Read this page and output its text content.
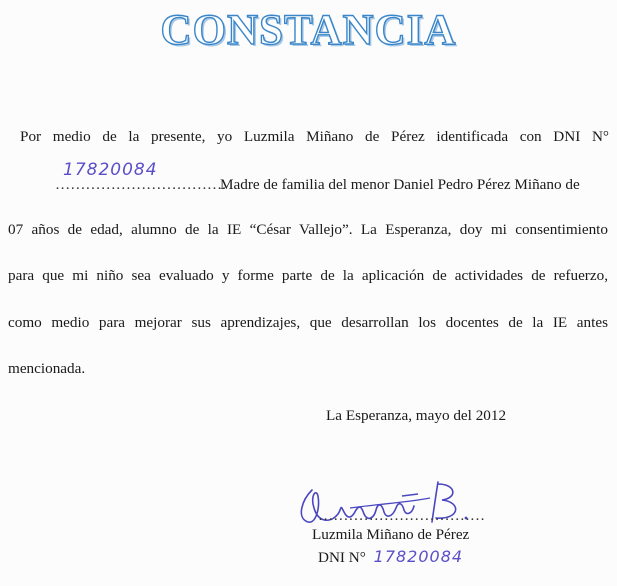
CONSTANCIA
Por medio de la presente, yo Luzmila Miñano de Pérez identificada con DNI N°
…………………………….
17820084
Madre de familia del menor Daniel Pedro Pérez Miñano de
07 años de edad, alumno de la IE “César Vallejo”. La Esperanza, doy mi consentimiento
para que mi niño sea evaluado y forme parte de la aplicación de actividades de refuerzo,
como medio para mejorar sus aprendizajes, que desarrollan los docentes de la IE antes
mencionada.
La Esperanza, mayo del 2012
……………………………
Luzmila Miñano de Pérez
DNI N° 17820084
